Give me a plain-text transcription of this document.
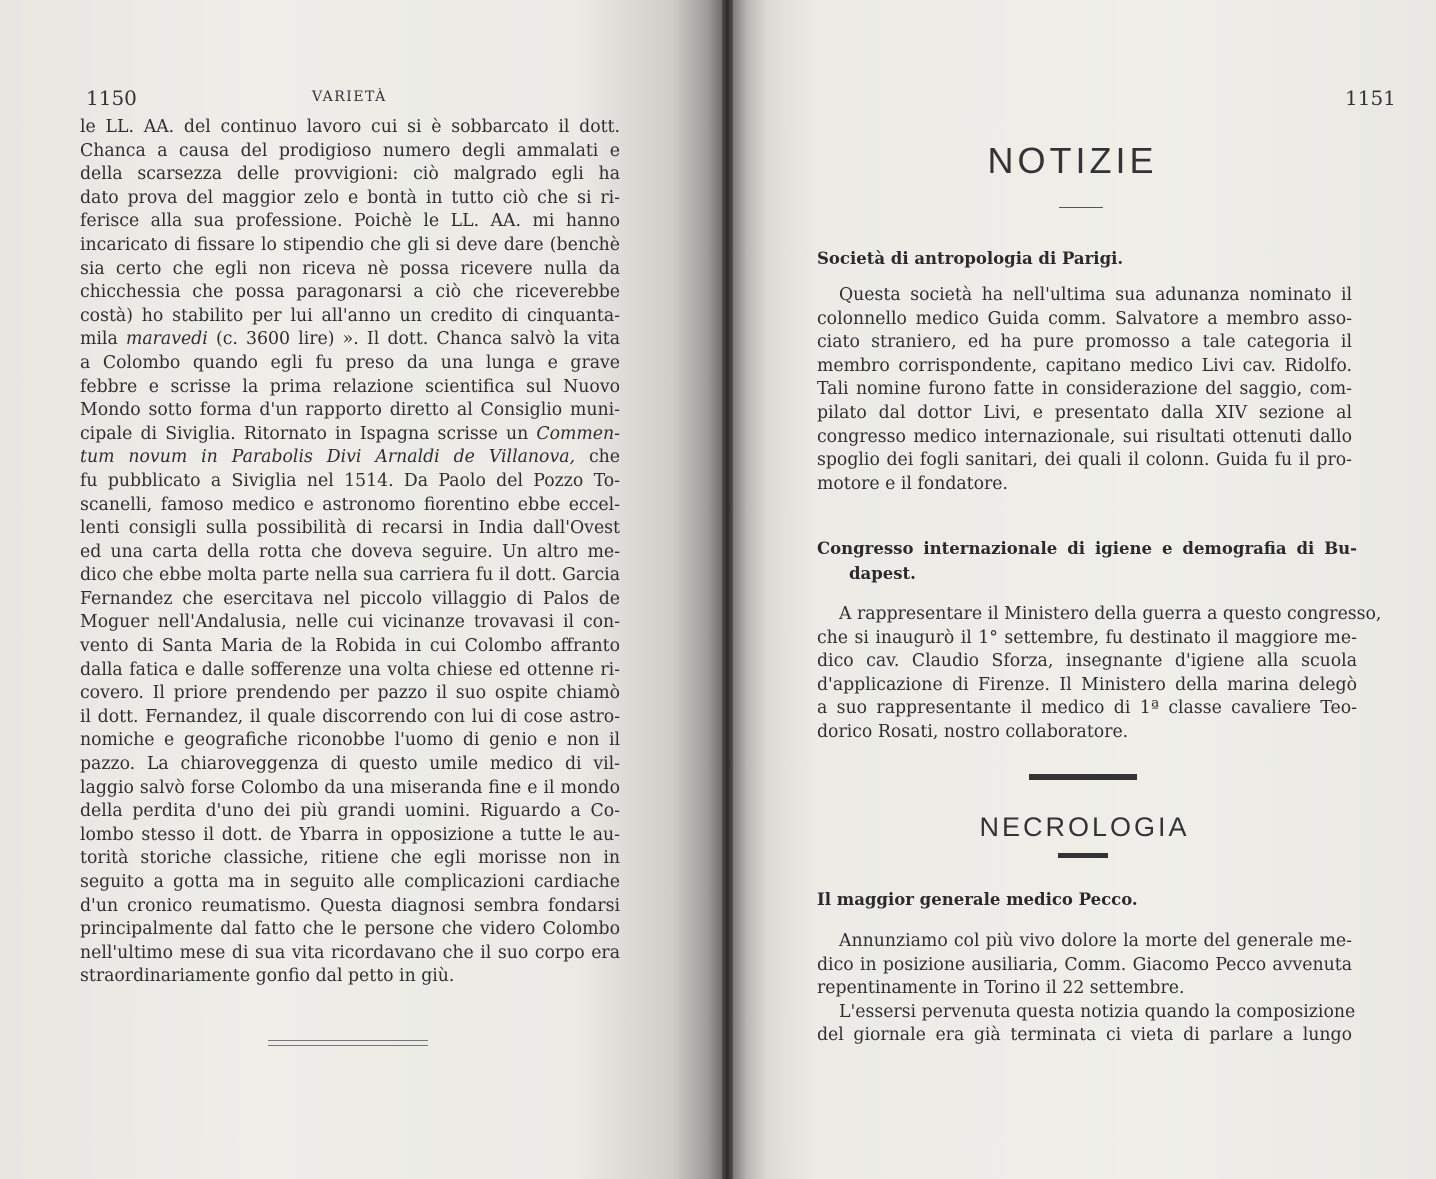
1150	VARIETÀ
le LL. AA. del continuo lavoro cui si è sobbarcato il dott.
Chanca a causa del prodigioso numero degli ammalati e
della scarsezza delle provvigioni: ciò malgrado egli ha
dato prova del maggior zelo e bontà in tutto ciò che si ri-
ferisce alla sua professione. Poichè le LL. AA. mi hanno
incaricato di fissare lo stipendio che gli si deve dare (benchè
sia certo che egli non riceva nè possa ricevere nulla da
chicchessia che possa paragonarsi a ciò che riceverebbe
costà) ho stabilito per lui all'anno un credito di cinquanta-
mila maravedi (c. 3600 lire) ». Il dott. Chanca salvò la vita
a Colombo quando egli fu preso da una lunga e grave
febbre e scrisse la prima relazione scientifica sul Nuovo
Mondo sotto forma d'un rapporto diretto al Consiglio muni-
cipale di Siviglia. Ritornato in Ispagna scrisse un Commen-
tum novum in Parabolis Divi Arnaldi de Villanova, che
fu pubblicato a Siviglia nel 1514. Da Paolo del Pozzo To-
scanelli, famoso medico e astronomo fiorentino ebbe eccel-
lenti consigli sulla possibilità di recarsi in India dall'Ovest
ed una carta della rotta che doveva seguire. Un altro me-
dico che ebbe molta parte nella sua carriera fu il dott. Garcia
Fernandez che esercitava nel piccolo villaggio di Palos de
Moguer nell'Andalusia, nelle cui vicinanze trovavasi il con-
vento di Santa Maria de la Robida in cui Colombo affranto
dalla fatica e dalle sofferenze una volta chiese ed ottenne ri-
covero. Il priore prendendo per pazzo il suo ospite chiamò
il dott. Fernandez, il quale discorrendo con lui di cose astro-
nomiche e geografiche riconobbe l'uomo di genio e non il
pazzo. La chiaroveggenza di questo umile medico di vil-
laggio salvò forse Colombo da una miseranda fine e il mondo
della perdita d'uno dei più grandi uomini. Riguardo a Co-
lombo stesso il dott. de Ybarra in opposizione a tutte le au-
torità storiche classiche, ritiene che egli morisse non in
seguito a gotta ma in seguito alle complicazioni cardiache
d'un cronico reumatismo. Questa diagnosi sembra fondarsi
principalmente dal fatto che le persone che videro Colombo
nell'ultimo mese di sua vita ricordavano che il suo corpo era
straordinariamente gonfio dal petto in giù.
1151
NOTIZIE
Società di antropologia di Parigi.
Questa società ha nell'ultima sua adunanza nominato il
colonnello medico Guida comm. Salvatore a membro asso-
ciato straniero, ed ha pure promosso a tale categoria il
membro corrispondente, capitano medico Livi cav. Ridolfo.
Tali nomine furono fatte in considerazione del saggio, com-
pilato dal dottor Livi, e presentato dalla XIV sezione al
congresso medico internazionale, sui risultati ottenuti dallo
spoglio dei fogli sanitari, dei quali il colonn. Guida fu il pro-
motore e il fondatore.
Congresso internazionale di igiene e demografia di Bu-
dapest.
A rappresentare il Ministero della guerra a questo congresso,
che si inaugurò il 1° settembre, fu destinato il maggiore me-
dico cav. Claudio Sforza, insegnante d'igiene alla scuola
d'applicazione di Firenze. Il Ministero della marina delegò
a suo rappresentante il medico di 1ª classe cavaliere Teo-
dorico Rosati, nostro collaboratore.
NECROLOGIA
Il maggior generale medico Pecco.
Annunziamo col più vivo dolore la morte del generale me-
dico in posizione ausiliaria, Comm. Giacomo Pecco avvenuta
repentinamente in Torino il 22 settembre.
L'essersi pervenuta questa notizia quando la composizione
del giornale era già terminata ci vieta di parlare a lungo
